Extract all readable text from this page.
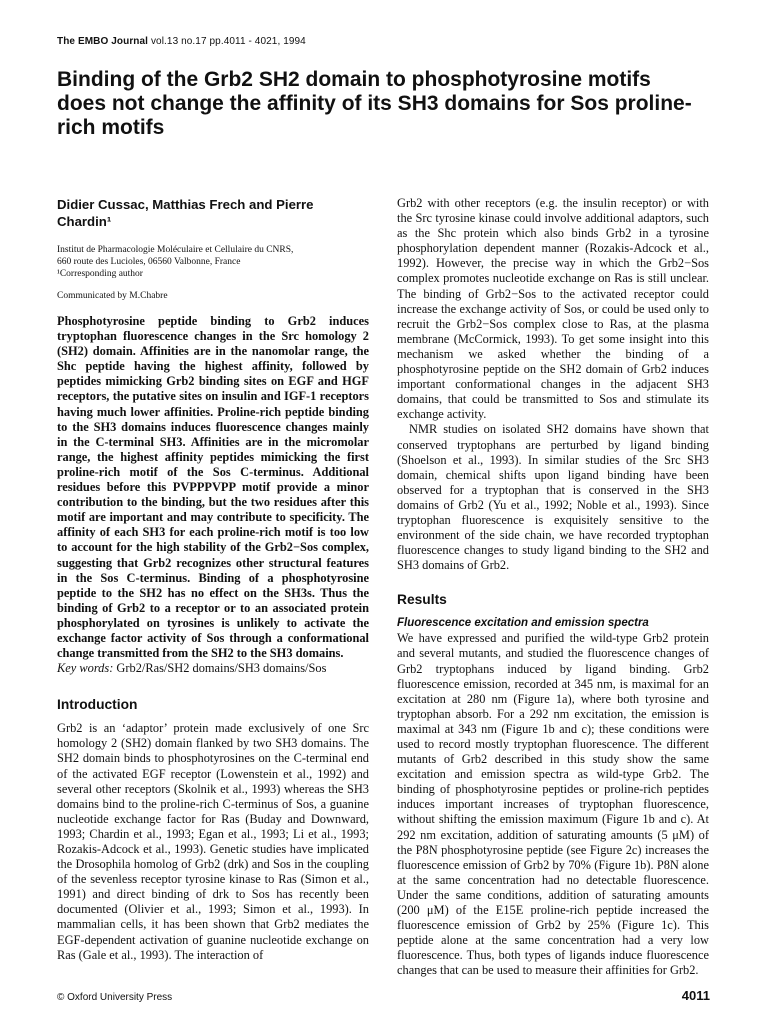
The EMBO Journal vol.13 no.17 pp.4011 - 4021, 1994
Binding of the Grb2 SH2 domain to phosphotyrosine motifs does not change the affinity of its SH3 domains for Sos proline-rich motifs

Didier Cussac, Matthias Frech and Pierre Chardin¹

Institut de Pharmacologie Moléculaire et Cellulaire du CNRS,
660 route des Lucioles, 06560 Valbonne, France
¹Corresponding author

Communicated by M.Chabre

Phosphotyrosine peptide binding to Grb2 induces tryptophan fluorescence changes in the Src homology 2 (SH2) domain. Affinities are in the nanomolar range, the Shc peptide having the highest affinity, followed by peptides mimicking Grb2 binding sites on EGF and HGF receptors, the putative sites on insulin and IGF-1 receptors having much lower affinities. Proline-rich peptide binding to the SH3 domains induces fluorescence changes mainly in the C-terminal SH3. Affinities are in the micromolar range, the highest affinity peptides mimicking the first proline-rich motif of the Sos C-terminus. Additional residues before this PVPPPVPP motif provide a minor contribution to the binding, but the two residues after this motif are important and may contribute to specificity. The affinity of each SH3 for each proline-rich motif is too low to account for the high stability of the Grb2−Sos complex, suggesting that Grb2 recognizes other structural features in the Sos C-terminus. Binding of a phosphotyrosine peptide to the SH2 has no effect on the SH3s. Thus the binding of Grb2 to a receptor or to an associated protein phosphorylated on tyrosines is unlikely to activate the exchange factor activity of Sos through a conformational change transmitted from the SH2 to the SH3 domains.

Key words: Grb2/Ras/SH2 domains/SH3 domains/Sos

Introduction

Grb2 is an ‘adaptor’ protein made exclusively of one Src homology 2 (SH2) domain flanked by two SH3 domains. The SH2 domain binds to phosphotyrosines on the C-terminal end of the activated EGF receptor (Lowenstein et al., 1992) and several other receptors (Skolnik et al., 1993) whereas the SH3 domains bind to the proline-rich C-terminus of Sos, a guanine nucleotide exchange factor for Ras (Buday and Downward, 1993; Chardin et al., 1993; Egan et al., 1993; Li et al., 1993; Rozakis-Adcock et al., 1993). Genetic studies have implicated the Drosophila homolog of Grb2 (drk) and Sos in the coupling of the sevenless receptor tyrosine kinase to Ras (Simon et al., 1991) and direct binding of drk to Sos has recently been documented (Olivier et al., 1993; Simon et al., 1993). In mammalian cells, it has been shown that Grb2 mediates the EGF-dependent activation of guanine nucleotide exchange on Ras (Gale et al., 1993). The interaction of

Grb2 with other receptors (e.g. the insulin receptor) or with the Src tyrosine kinase could involve additional adaptors, such as the Shc protein which also binds Grb2 in a tyrosine phosphorylation dependent manner (Rozakis-Adcock et al., 1992). However, the precise way in which the Grb2−Sos complex promotes nucleotide exchange on Ras is still unclear. The binding of Grb2−Sos to the activated receptor could increase the exchange activity of Sos, or could be used only to recruit the Grb2−Sos complex close to Ras, at the plasma membrane (McCormick, 1993). To get some insight into this mechanism we asked whether the binding of a phosphotyrosine peptide on the SH2 domain of Grb2 induces important conformational changes in the adjacent SH3 domains, that could be transmitted to Sos and stimulate its exchange activity.

NMR studies on isolated SH2 domains have shown that conserved tryptophans are perturbed by ligand binding (Shoelson et al., 1993). In similar studies of the Src SH3 domain, chemical shifts upon ligand binding have been observed for a tryptophan that is conserved in the SH3 domains of Grb2 (Yu et al., 1992; Noble et al., 1993). Since tryptophan fluorescence is exquisitely sensitive to the environment of the side chain, we have recorded tryptophan fluorescence changes to study ligand binding to the SH2 and SH3 domains of Grb2.

Results
Fluorescence excitation and emission spectra

We have expressed and purified the wild-type Grb2 protein and several mutants, and studied the fluorescence changes of Grb2 tryptophans induced by ligand binding. Grb2 fluorescence emission, recorded at 345 nm, is maximal for an excitation at 280 nm (Figure 1a), where both tyrosine and tryptophan absorb. For a 292 nm excitation, the emission is maximal at 343 nm (Figure 1b and c); these conditions were used to record mostly tryptophan fluorescence. The different mutants of Grb2 described in this study show the same excitation and emission spectra as wild-type Grb2. The binding of phosphotyrosine peptides or proline-rich peptides induces important increases of tryptophan fluorescence, without shifting the emission maximum (Figure 1b and c). At 292 nm excitation, addition of saturating amounts (5 μM) of the P8N phosphotyrosine peptide (see Figure 2c) increases the fluorescence emission of Grb2 by 70% (Figure 1b). P8N alone at the same concentration had no detectable fluorescence. Under the same conditions, addition of saturating amounts (200 μM) of the E15E proline-rich peptide increased the fluorescence emission of Grb2 by 25% (Figure 1c). This peptide alone at the same concentration had a very low fluorescence. Thus, both types of ligands induce fluorescence changes that can be used to measure their affinities for Grb2.

© Oxford University Press	4011
